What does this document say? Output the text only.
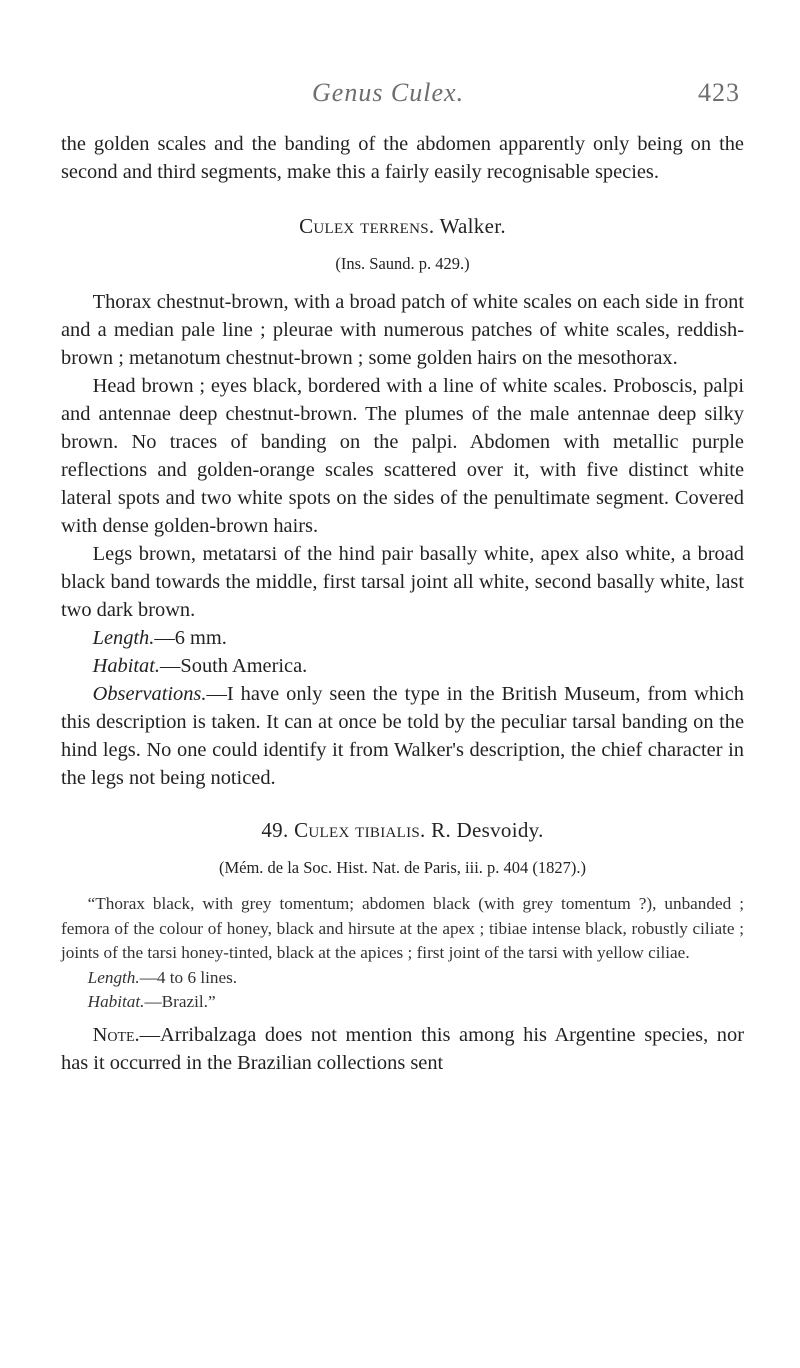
Genus Culex.	423

the golden scales and the banding of the abdomen apparently only being on the second and third segments, make this a fairly easily recognisable species.

Culex terrens. Walker.

(Ins. Saund. p. 429.)

Thorax chestnut-brown, with a broad patch of white scales on each side in front and a median pale line ; pleurae with numerous patches of white scales, reddish-brown ; metanotum chestnut-brown ; some golden hairs on the mesothorax.

Head brown ; eyes black, bordered with a line of white scales. Proboscis, palpi and antennae deep chestnut-brown. The plumes of the male antennae deep silky brown. No traces of banding on the palpi. Abdomen with metallic purple reflections and golden-orange scales scattered over it, with five distinct white lateral spots and two white spots on the sides of the penultimate segment. Covered with dense golden-brown hairs.

Legs brown, metatarsi of the hind pair basally white, apex also white, a broad black band towards the middle, first tarsal joint all white, second basally white, last two dark brown.

Length.—6 mm.

Habitat.—South America.

Observations.—I have only seen the type in the British Museum, from which this description is taken. It can at once be told by the peculiar tarsal banding on the hind legs. No one could identify it from Walker's description, the chief character in the legs not being noticed.

49. Culex tibialis. R. Desvoidy.

(Mém. de la Soc. Hist. Nat. de Paris, iii. p. 404 (1827).)

“Thorax black, with grey tomentum; abdomen black (with grey tomentum ?), unbanded ; femora of the colour of honey, black and hirsute at the apex ; tibiae intense black, robustly ciliate ; joints of the tarsi honey-tinted, black at the apices ; first joint of the tarsi with yellow ciliae.

Length.—4 to 6 lines.

Habitat.—Brazil.”

Note.—Arribalzaga does not mention this among his Argentine species, nor has it occurred in the Brazilian collections sent
